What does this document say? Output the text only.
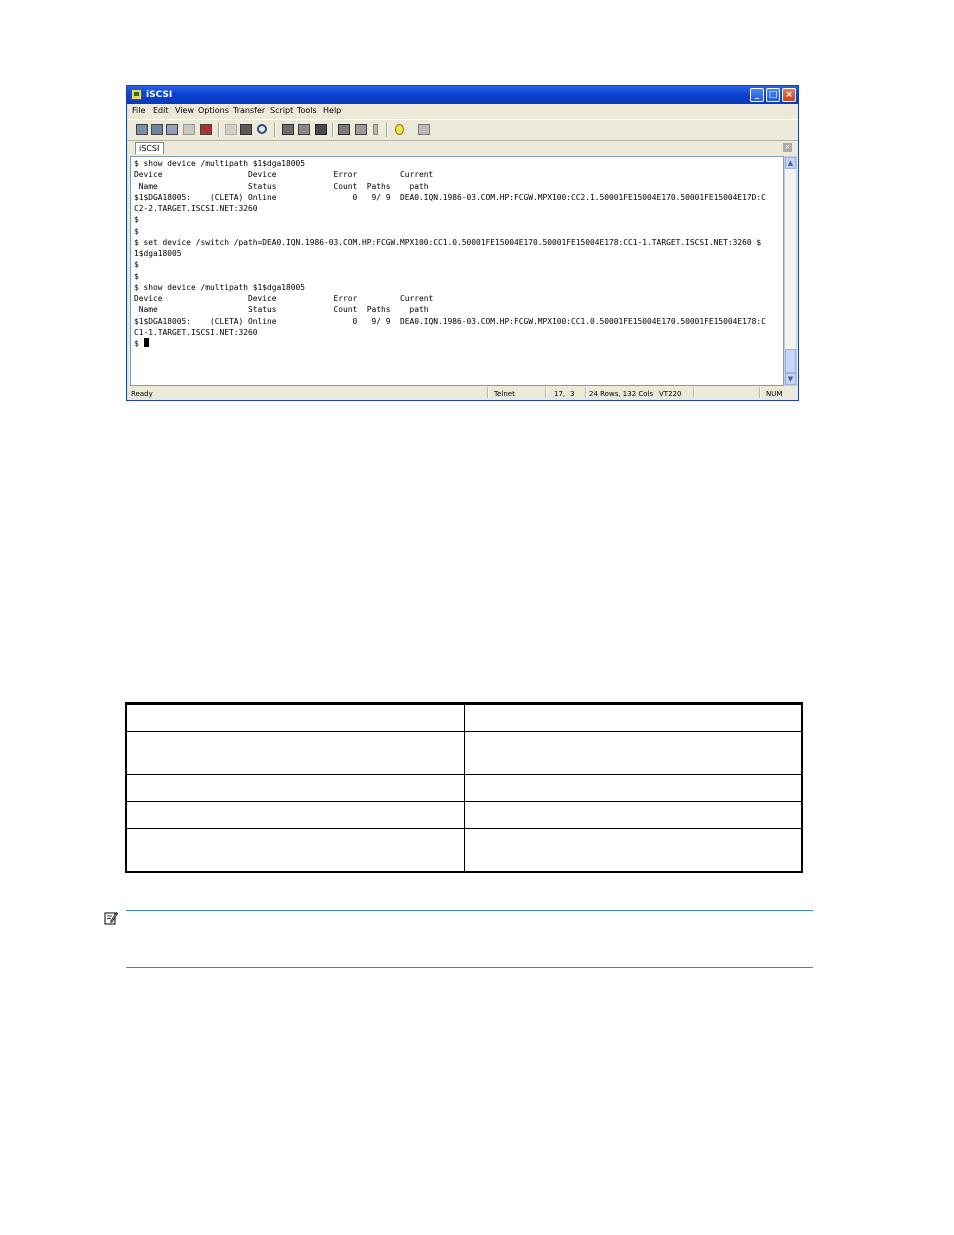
iSCSI	_	□ ×
File Edit View Options Transfer Script Tools Help
iSCSI	×
$ show device /multipath $1$dga18005
Device                  Device            Error         Current
Name                   Status            Count  Paths    path
$1$DGA18005:    (CLETA) Online                0   9/ 9  DEA0.IQN.1986-03.COM.HP:FCGW.MPX100:CC2.1.50001FE15004E170.50001FE15004E17D:C
C2-2.TARGET.ISCSI.NET:3260
$
$
$ set device /switch /path=DEA0.IQN.1986-03.COM.HP:FCGW.MPX100:CC1.0.50001FE15004E170.50001FE15004E178:CC1-1.TARGET.ISCSI.NET:3260 $
1$dga18005
$
$
$ show device /multipath $1$dga18005
Device                  Device            Error         Current
Name                   Status            Count  Paths    path
$1$DGA18005:    (CLETA) Online                0   9/ 9  DEA0.IQN.1986-03.COM.HP:FCGW.MPX100:CC1.0.50001FE15004E170.50001FE15004E178:C
C1-1.TARGET.ISCSI.NET:3260
$
▲
▼
Ready	Telnet	17, 3 24 Rows, 132 Cols VT220	NUM
